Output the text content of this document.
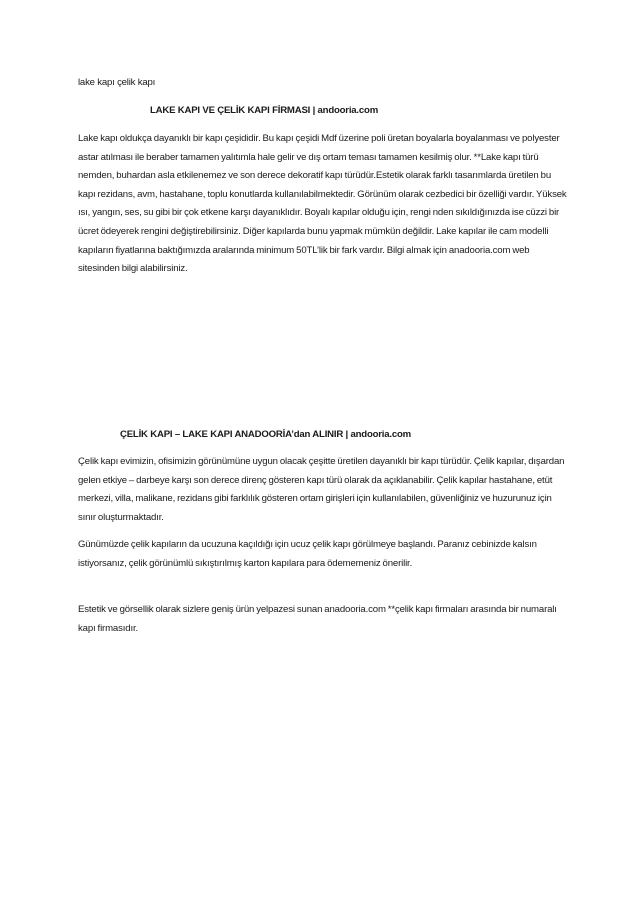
lake kapı çelik kapı
LAKE KAPI VE ÇELİK KAPI FİRMASI | andooria.com
Lake kapı oldukça dayanıklı bir kapı çeşididir. Bu kapı çeşidi Mdf üzerine poli üretan boyalarla boyalanması ve polyester astar atılması ile beraber tamamen yalıtımla hale gelir ve dış ortam teması tamamen kesilmiş olur. **Lake kapı türü nemden, buhardan asla etkilenemez ve son derece dekoratif kapı türüdür.Estetik olarak farklı tasarımlarda üretilen bu kapı rezidans, avm, hastahane, toplu konutlarda kullanılabilmektedir. Görünüm olarak cezbedici bir özelliği vardır. Yüksek ısı, yangın, ses, su gibi bir çok etkene karşı dayanıklıdır. Boyalı kapılar olduğu için, rengi nden sıkıldığınızda ise cüzzi bir ücret ödeyerek rengini değiştirebilirsiniz. Diğer kapılarda bunu yapmak mümkün değildir. Lake kapılar ile cam modelli kapıların fiyatlarına baktığımızda aralarında minimum 50TL’lik bir fark vardır. Bilgi almak için anadooria.com web sitesinden bilgi alabilirsiniz.
ÇELİK KAPI – LAKE KAPI ANADOORİA’dan ALINIR | andooria.com
Çelik kapı evimizin, ofisimizin görünümüne uygun olacak çeşitte üretilen dayanıklı bir kapı türüdür. Çelik kapılar, dışardan gelen etkiye – darbeye karşı son derece direnç gösteren kapı türü olarak da açıklanabilir. Çelik kapılar hastahane, etüt merkezi, villa, malikane, rezidans gibi farklılık gösteren ortam girişleri için kullanılabilen, güvenliğiniz ve huzurunuz için sınır oluşturmaktadır.
Günümüzde çelik kapıların da ucuzuna kaçıldığı için ucuz çelik kapı görülmeye başlandı. Paranız cebinizde kalsın istiyorsanız, çelik görünümlü sıkıştırılmış karton kapılara para ödememeniz önerilir.
Estetik ve görsellik olarak sizlere geniş ürün yelpazesi sunan anadooria.com **çelik kapı firmaları arasında bir numaralı kapı firmasıdır.
